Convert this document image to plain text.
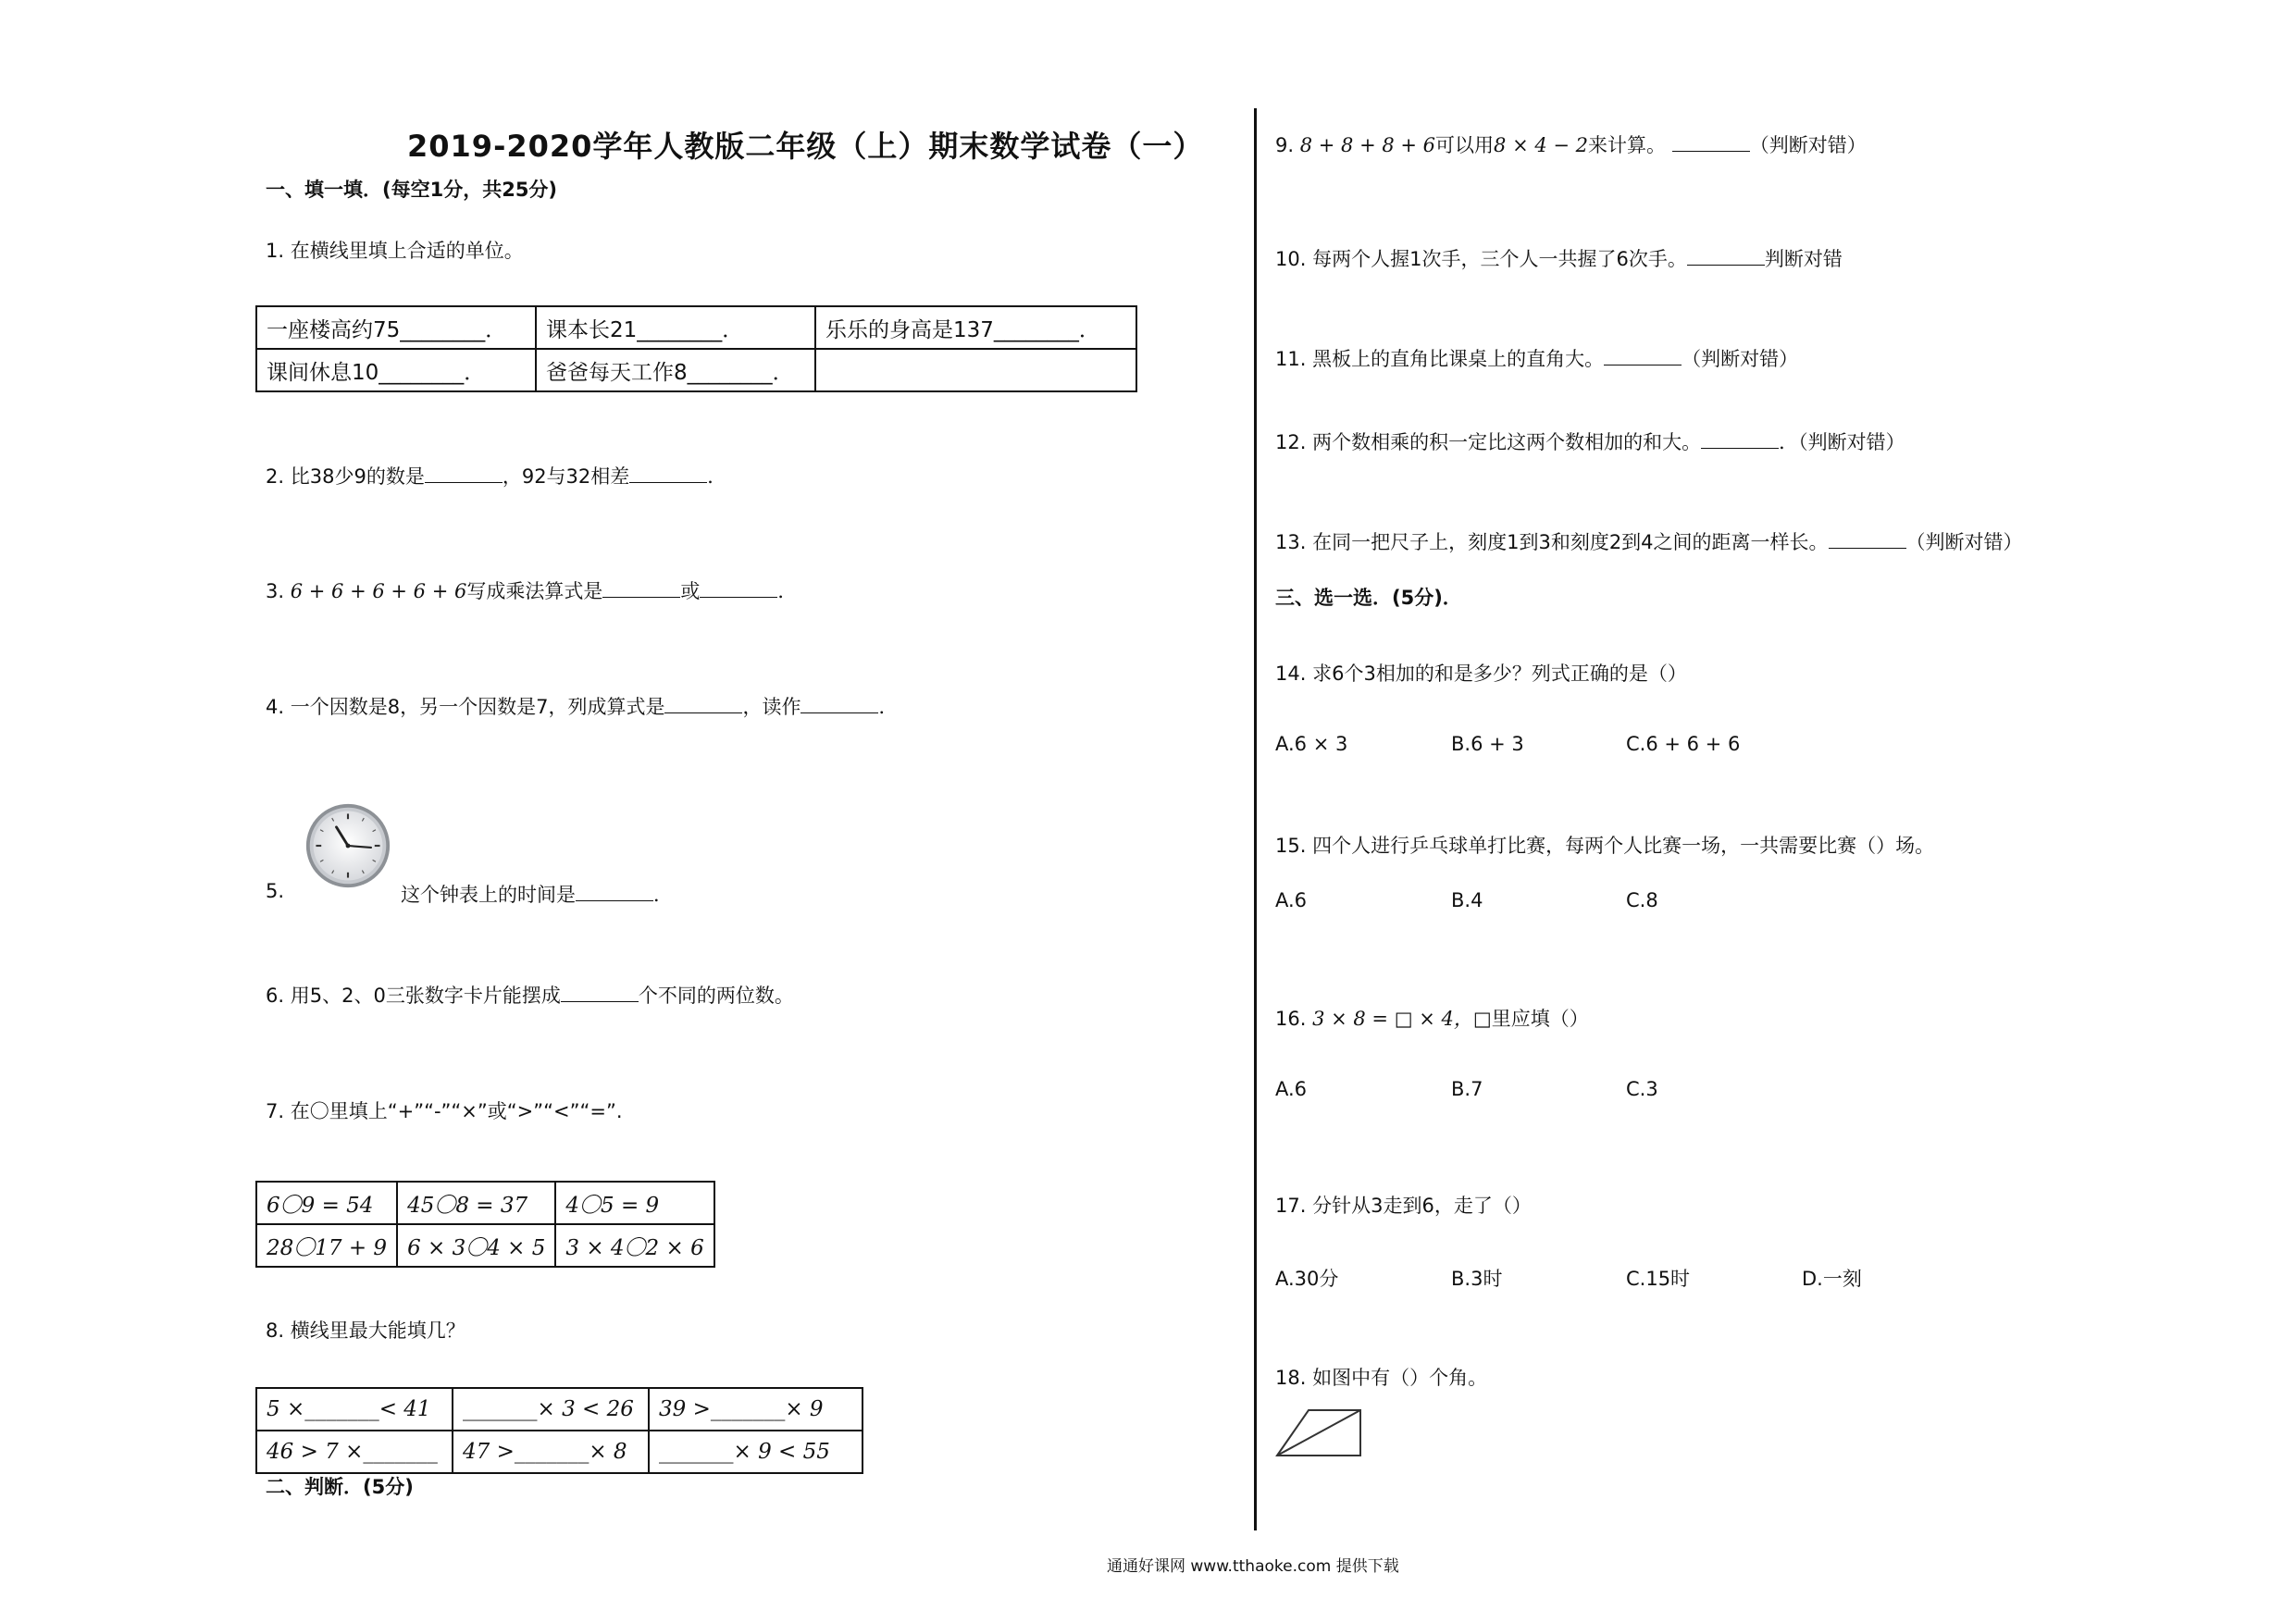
2019-2020学年人教版二年级（上）期末数学试卷（一）
一、填一填．(每空1分，共25分)
1. 在横线里填上合适的单位。
一座楼高约75________．	课本长21________．	乐乐的身高是137________．
课间休息10________．	爸爸每天工作8________．	
2. 比38少9的数是	，92与32相差	．
3. 6 + 6 + 6 + 6 + 6写成乘法算式是	或	．
4. 一个因数是8，另一个因数是7，列成算式是	，读作	．
5.	这个钟表上的时间是	．
6. 用5、2、0三张数字卡片能摆成	个不同的两位数。
7. 在〇里填上“+”“-”“×”或“>”“<”“=”.
6〇9 = 54	45〇8 = 37	4〇5 = 9
28〇17 + 9	6 × 3〇4 × 5	3 × 4〇2 × 6
8. 横线里最大能填几？
5 ×_______< 41	_______× 3 < 26	39 >_______× 9
46 > 7 ×_______	47 >_______× 8	_______× 9 < 55
二、判断．(5分)
9. 8 + 8 + 8 + 6可以用8 × 4 − 2来计算。	（判断对错）
10. 每两个人握1次手，三个人一共握了6次手。	判断对错
11. 黑板上的直角比课桌上的直角大。	（判断对错）
12. 两个数相乘的积一定比这两个数相加的和大。	．（判断对错）
13. 在同一把尺子上，刻度1到3和刻度2到4之间的距离一样长。	（判断对错）
三、选一选．(5分)．
14. 求6个3相加的和是多少？列式正确的是（）
A.6 × 3	B.6 + 3	C.6 + 6 + 6
15. 四个人进行乒乓球单打比赛，每两个人比赛一场，一共需要比赛（）场。
A.6	B.4	C.8
16. 3 × 8 = □ × 4，□里应填（）
A.6	B.7	C.3
17. 分针从3走到6，走了（）
A.30分	B.3时	C.15时	D.一刻
18. 如图中有（）个角。
通通好课网 www.tthaoke.com 提供下载
